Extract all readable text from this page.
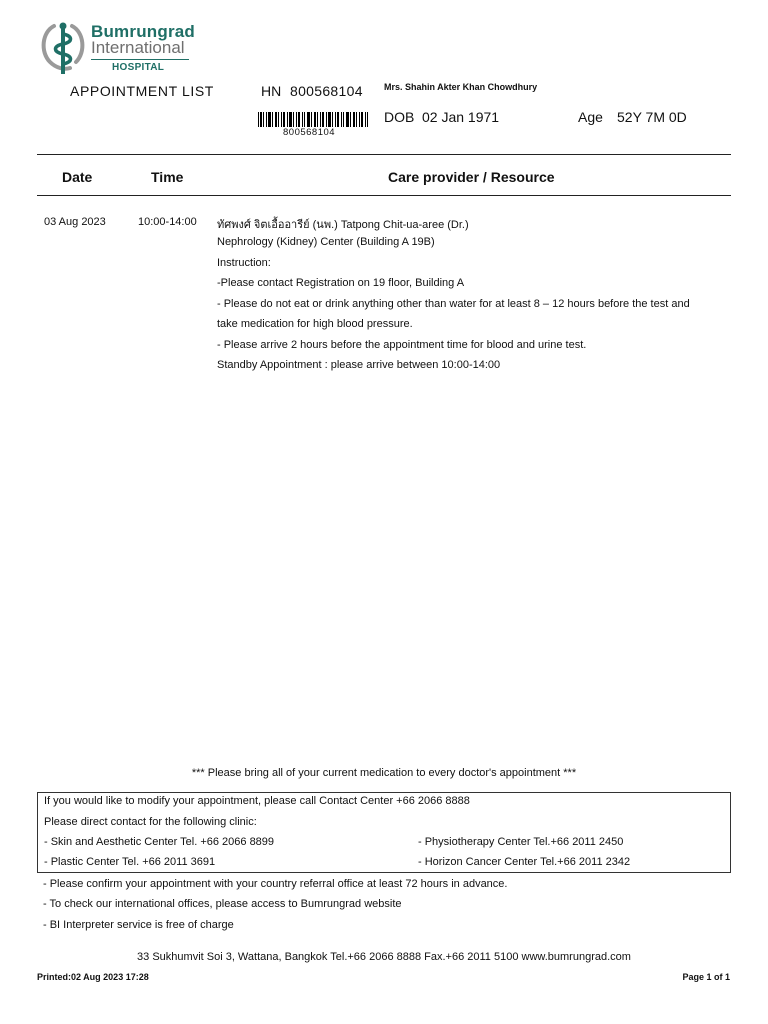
Bumrungrad
International
HOSPITAL
APPOINTMENT LIST	HN 800568104 Mrs. Shahin Akter Khan Chowdhury
800568104
DOB 02 Jan 1971	Age 52Y 7M 0D
Date	Time	Care provider / Resource
03 Aug 2023	10:00-14:00 ทัศพงศ์ จิตเอื้ออารีย์ (นพ.) Tatpong Chit-ua-aree (Dr.)
Nephrology (Kidney) Center (Building A 19B)
Instruction:
-Please contact Registration on 19 floor, Building A
- Please do not eat or drink anything other than water for at least 8 – 12 hours before the test and
take medication for high blood pressure.
- Please arrive 2 hours before the appointment time for blood and urine test.
Standby Appointment : please arrive between 10:00-14:00
*** Please bring all of your current medication to every doctor's appointment ***
If you would like to modify your appointment, please call Contact Center +66 2066 8888
Please direct contact for the following clinic:
- Skin and Aesthetic Center Tel. +66 2066 8899	- Physiotherapy Center Tel.+66 2011 2450
- Plastic Center Tel. +66 2011 3691	- Horizon Cancer Center Tel.+66 2011 2342
- Please confirm your appointment with your country referral office at least 72 hours in advance.
- To check our international offices, please access to Bumrungrad website
- BI Interpreter service is free of charge
33 Sukhumvit Soi 3, Wattana, Bangkok Tel.+66 2066 8888 Fax.+66 2011 5100 www.bumrungrad.com
Printed:02 Aug 2023 17:28	Page 1 of 1
